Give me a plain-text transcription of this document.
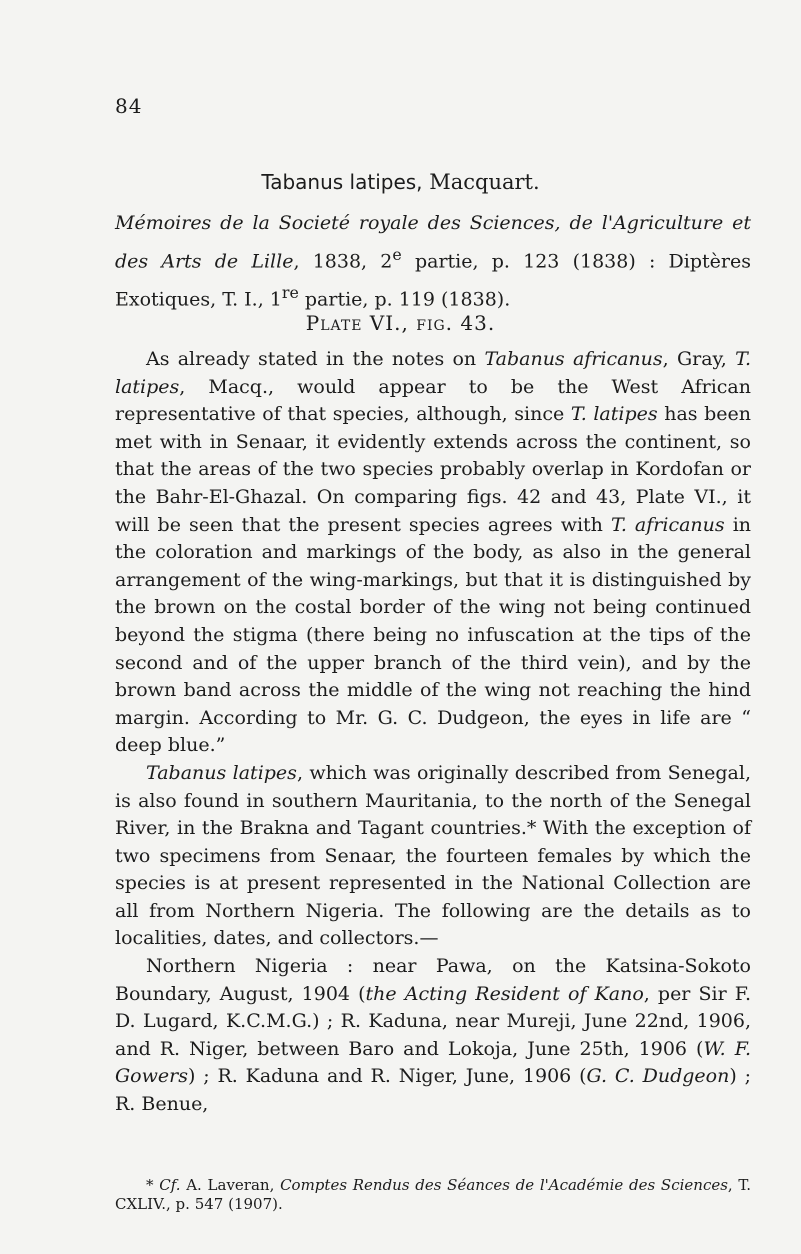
84
Tabanus latipes, Macquart.
Mémoires de la Societé royale des Sciences, de l'Agriculture et des Arts de Lille, 1838, 2e partie, p. 123 (1838) : Diptères Exotiques, T. I., 1re partie, p. 119 (1838).
Plate VI., fig. 43.

As already stated in the notes on Tabanus africanus, Gray, T. latipes, Macq., would appear to be the West African representative of that species, although, since T. latipes has been met with in Senaar, it evidently extends across the continent, so that the areas of the two species probably overlap in Kordofan or the Bahr-El-Ghazal. On comparing figs. 42 and 43, Plate VI., it will be seen that the present species agrees with T. africanus in the coloration and markings of the body, as also in the general arrangement of the wing-markings, but that it is distinguished by the brown on the costal border of the wing not being continued beyond the stigma (there being no infuscation at the tips of the second and of the upper branch of the third vein), and by the brown band across the middle of the wing not reaching the hind margin. According to Mr. G. C. Dudgeon, the eyes in life are “ deep blue.”

Tabanus latipes, which was originally described from Senegal, is also found in southern Mauritania, to the north of the Senegal River, in the Brakna and Tagant countries.* With the exception of two specimens from Senaar, the fourteen females by which the species is at present represented in the National Collection are all from Northern Nigeria. The following are the details as to localities, dates, and collectors.—

Northern Nigeria : near Pawa, on the Katsina-Sokoto Boundary, August, 1904 (the Acting Resident of Kano, per Sir F. D. Lugard, K.C.M.G.) ; R. Kaduna, near Mureji, June 22nd, 1906, and R. Niger, between Baro and Lokoja, June 25th, 1906 (W. F. Gowers) ; R. Kaduna and R. Niger, June, 1906 (G. C. Dudgeon) ; R. Benue,

* Cf. A. Laveran, Comptes Rendus des Séances de l'Académie des Sciences, T. CXLIV., p. 547 (1907).
